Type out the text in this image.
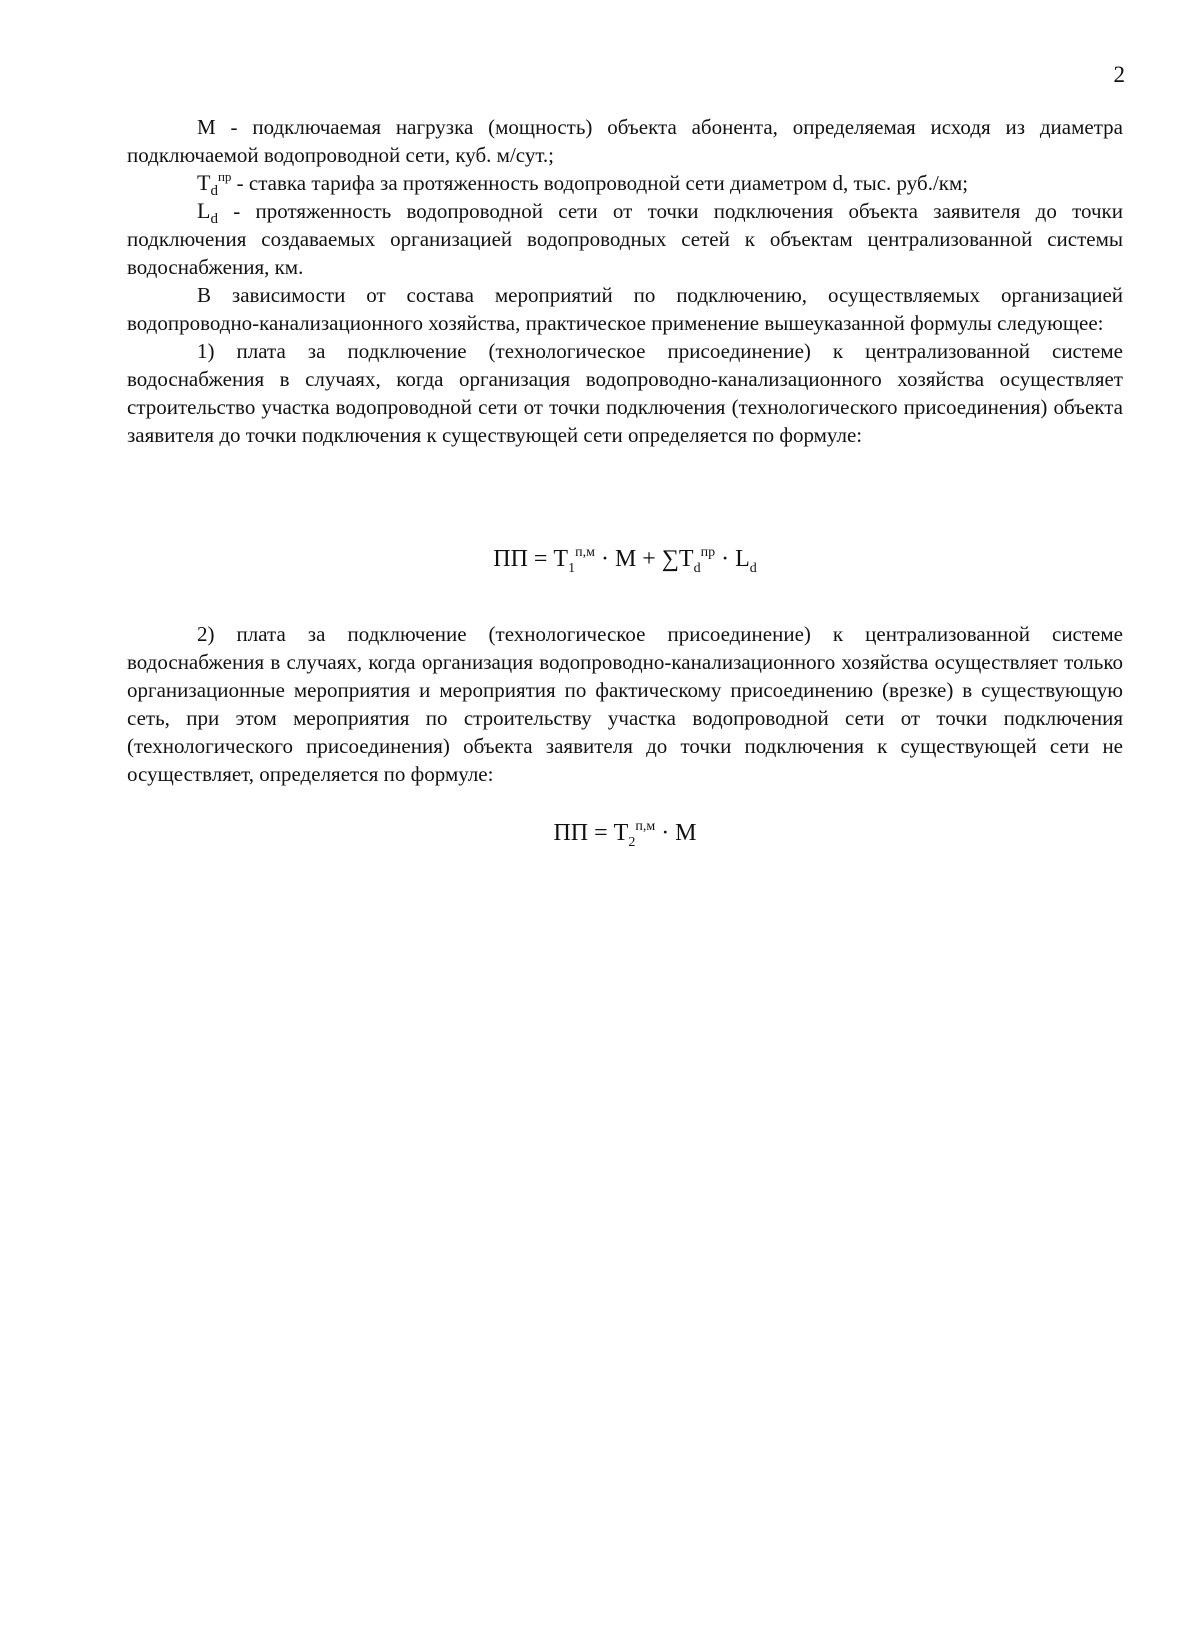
2

М - подключаемая нагрузка (мощность) объекта абонента, определяемая исходя из диаметра подключаемой водопроводной сети, куб. м/сут.;

$T_d^{пр}$ - ставка тарифа за протяженность водопроводной сети диаметром d, тыс. руб./км;

$L_d$ - протяженность водопроводной сети от точки подключения объекта заявителя до точки подключения создаваемых организацией водопроводных сетей к объектам централизованной системы водоснабжения, км.

В зависимости от состава мероприятий по подключению, осуществляемых организацией водопроводно-канализационного хозяйства, практическое применение вышеуказанной формулы следующее:

1) плата за подключение (технологическое присоединение) к централизованной системе водоснабжения в случаях, когда организация водопроводно-канализационного хозяйства осуществляет строительство участка водопроводной сети от точки подключения (технологического присоединения) объекта заявителя до точки подключения к существующей сети определяется по формуле:

ПП = $T_1^{п,м} \cdot M + \sum T_d^{пр} \cdot L_d$

2) плата за подключение (технологическое присоединение) к централизованной системе водоснабжения в случаях, когда организация водопроводно-канализационного хозяйства осуществляет только организационные мероприятия и мероприятия по фактическому присоединению (врезке) в существующую сеть, при этом мероприятия по строительству участка водопроводной сети от точки подключения (технологического присоединения) объекта заявителя до точки подключения к существующей сети не осуществляет, определяется по формуле:

ПП = $T_2^{п,м} \cdot M$
